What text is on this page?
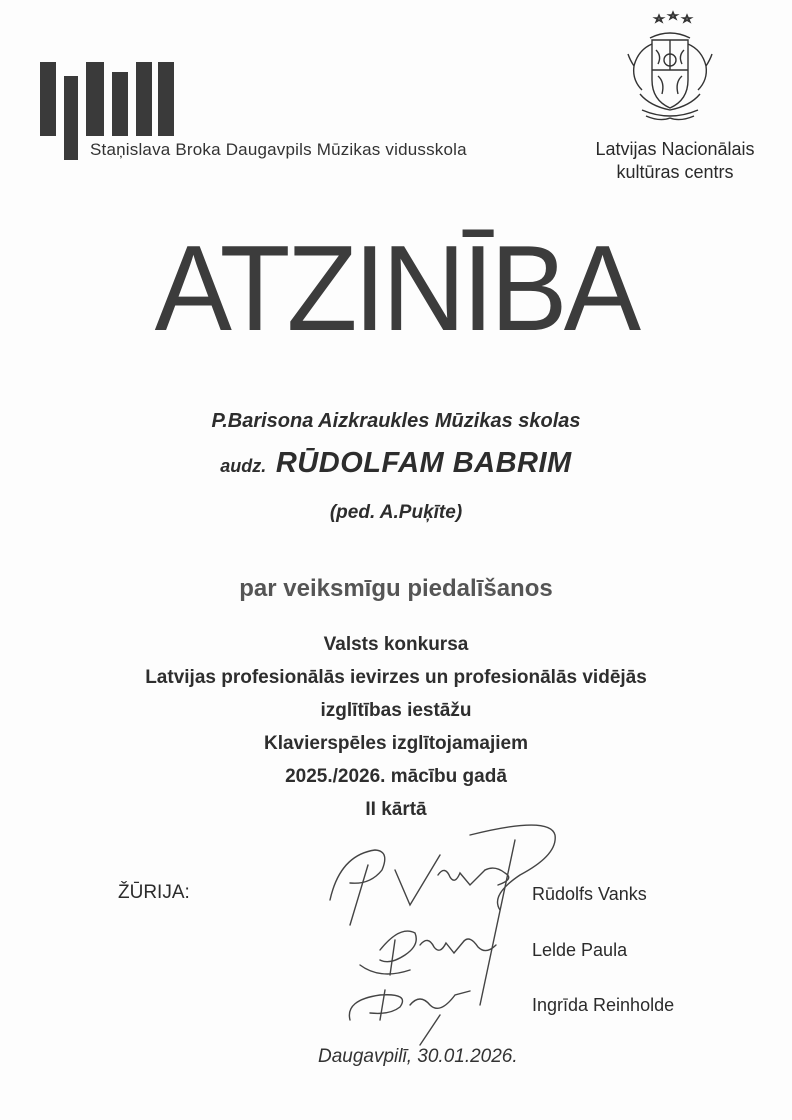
Staņislava Broka Daugavpils Mūzikas vidusskola	Latvijas Nacionālais
kultūras centrs
ATZINĪBA
P.Barisona Aizkraukles Mūzikas skolas
audz. RŪDOLFAM BABRIM
(ped. A.Puķīte)
par veiksmīgu piedalīšanos
Valsts konkursa
Latvijas profesionālās ievirzes un profesionālās vidējās
izglītības iestāžu
Klavierspēles izglītojamajiem
2025./2026. mācību gadā
II kārtā
ŽŪRIJA:	Rūdolfs Vanks
Lelde Paula
Ingrīda Reinholde
Daugavpilī, 30.01.2026.
